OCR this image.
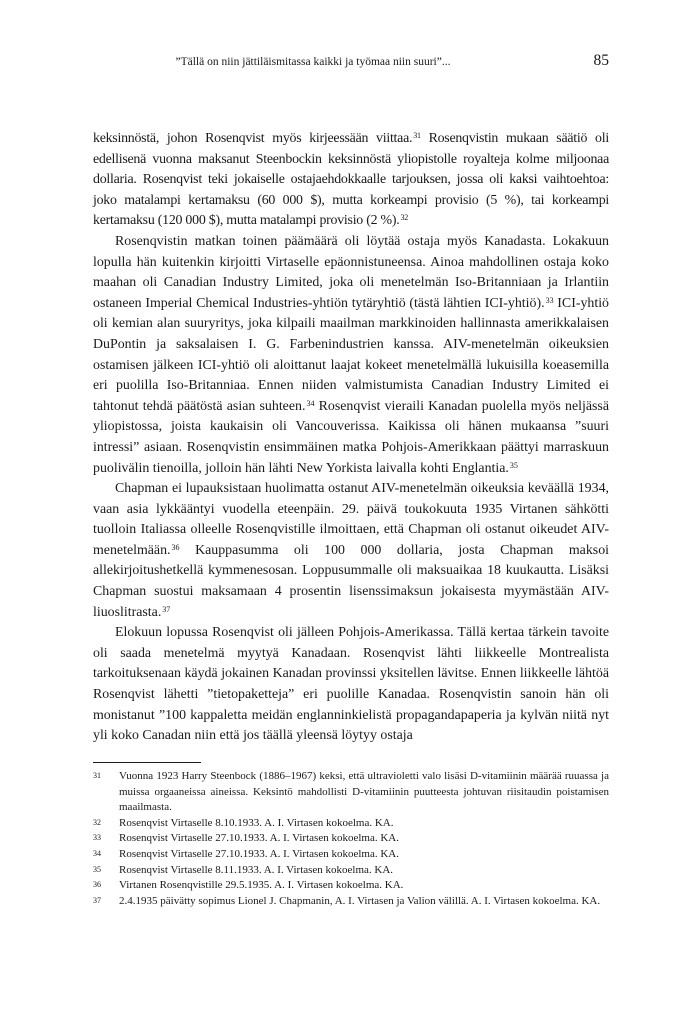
”Tällä on niin jättiläismitassa kaikki ja työmaa niin suuri”...	85

keksinnöstä, johon Rosenqvist myös kirjeessään viittaa.$^{31}$ Rosenqvistin mukaan säätiö oli edellisenä vuonna maksanut Steenbockin keksinnöstä yliopistolle royalteja kolme miljoonaa dollaria. Rosenqvist teki jokaiselle ostajaehdokkaalle tarjouksen, jossa oli kaksi vaihtoehtoa: joko matalampi kertamaksu (60 000 $), mutta korkeampi provisio (5 %), tai korkeampi kertamaksu (120 000 $), mutta matalampi provisio (2 %).$^{32}$

Rosenqvistin matkan toinen päämäärä oli löytää ostaja myös Kanadasta. Lokakuun lopulla hän kuitenkin kirjoitti Virtaselle epäonnistuneensa. Ainoa mahdollinen ostaja koko maahan oli Canadian Industry Limited, joka oli menetelmän Iso-Britanniaan ja Irlantiin ostaneen Imperial Chemical Industries-yhtiön tytäryhtiö (tästä lähtien ICI-yhtiö).$^{33}$ ICI-yhtiö oli kemian alan suuryritys, joka kilpaili maailman markkinoiden hallinnasta amerikkalaisen DuPontin ja saksalaisen I. G. Farbenindustrien kanssa. AIV-menetelmän oikeuksien ostamisen jälkeen ICI-yhtiö oli aloittanut laajat kokeet menetelmällä lukuisilla koeasemilla eri puolilla Iso-Britanniaa. Ennen niiden valmistumista Canadian Industry Limited ei tahtonut tehdä päätöstä asian suhteen.$^{34}$ Rosenqvist vieraili Kanadan puolella myös neljässä yliopistossa, joista kaukaisin oli Vancouverissa. Kaikissa oli hänen mukaansa ”suuri intressi” asiaan. Rosenqvistin ensimmäinen matka Pohjois-Amerikkaan päättyi marraskuun puolivälin tienoilla, jolloin hän lähti New Yorkista laivalla kohti Englantia.$^{35}$

Chapman ei lupauksistaan huolimatta ostanut AIV-menetelmän oikeuksia keväällä 1934, vaan asia lykkääntyi vuodella eteenpäin. 29. päivä toukokuuta 1935 Virtanen sähkötti tuolloin Italiassa olleelle Rosenqvistille ilmoittaen, että Chapman oli ostanut oikeudet AIV-menetelmään.$^{36}$ Kauppasumma oli 100 000 dollaria, josta Chapman maksoi allekirjoitushetkellä kymmenesosan. Loppusummalle oli maksuaikaa 18 kuukautta. Lisäksi Chapman suostui maksamaan 4 prosentin lisenssimaksun jokaisesta myymästään AIV-liuoslitrasta.$^{37}$

Elokuun lopussa Rosenqvist oli jälleen Pohjois-Amerikassa. Tällä kertaa tärkein tavoite oli saada menetelmä myytyä Kanadaan. Rosenqvist lähti liikkeelle Montrealista tarkoituksenaan käydä jokainen Kanadan provinssi yksitellen lävitse. Ennen liikkeelle lähtöä Rosenqvist lähetti ”tietopaketteja” eri puolille Kanadaa. Rosenqvistin sanoin hän oli monistanut ”100 kappaletta meidän englanninkielistä propagandapaperia ja kylvän niitä nyt yli koko Canadan niin että jos täällä yleensä löytyy ostaja

31	Vuonna 1923 Harry Steenbock (1886–1967) keksi, että ultravioletti valo lisäsi D-vitamiinin määrää ruuassa ja muissa orgaaneissa aineissa. Keksintö mahdollisti D-vitamiinin puutteesta johtuvan riisitaudin poistamisen maailmasta.
32	Rosenqvist Virtaselle 8.10.1933. A. I. Virtasen kokoelma. KA.
33	Rosenqvist Virtaselle 27.10.1933. A. I. Virtasen kokoelma. KA.
34	Rosenqvist Virtaselle 27.10.1933. A. I. Virtasen kokoelma. KA.
35	Rosenqvist Virtaselle 8.11.1933. A. I. Virtasen kokoelma. KA.
36	Virtanen Rosenqvistille 29.5.1935. A. I. Virtasen kokoelma. KA.
37	2.4.1935 päivätty sopimus Lionel J. Chapmanin, A. I. Virtasen ja Valion välillä. A. I. Virtasen kokoelma. KA.
